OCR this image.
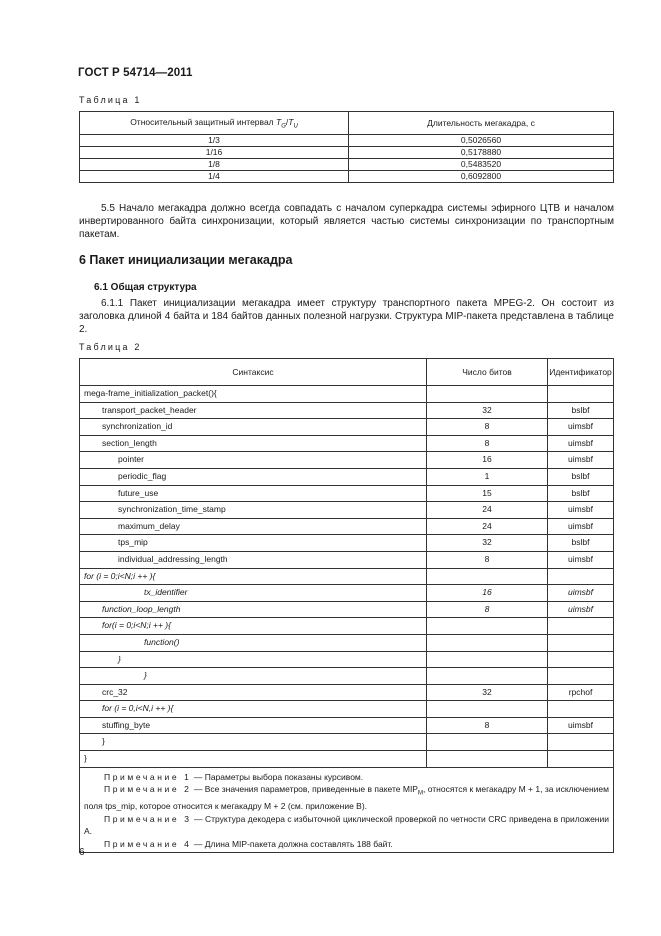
ГОСТ Р 54714—2011
Таблица 1
Относительный защитный интервал $T_G/T_U$	Длительность мегакадра, с
1/3	0,5026560
1/16	0,5178880
1/8	0,5483520
1/4	0,6092800
5.5 Начало мегакадра должно всегда совпадать с началом суперкадра системы эфирного ЦТВ и началом инвертированного байта синхронизации, который является частью системы синхронизации по транспортным пакетам.
6 Пакет инициализации мегакадра
6.1 Общая структура
6.1.1 Пакет инициализации мегакадра имеет структуру транспортного пакета MPEG-2. Он состоит из заголовка длиной 4 байта и 184 байтов данных полезной нагрузки. Структура MIP-пакета представлена в таблице 2.
Таблица 2
Синтаксис	Число битов	Идентификатор
mega-frame_initialization_packet(){		
transport_packet_header	32	bslbf
synchronization_id	8	uimsbf
section_length	8	uimsbf
pointer	16	uimsbf
periodic_flag	1	bslbf
future_use	15	bslbf
synchronization_time_stamp	24	uimsbf
maximum_delay	24	uimsbf
tps_mip	32	bslbf
individual_addressing_length	8	uimsbf
for (i = 0;i<N;i ++ ){		
tx_identifier	16	uimsbf
function_loop_length	8	uimsbf
for(i = 0;i<N;i ++ ){		
function()		
}		
}		
crc_32	32	rpchof
for (i = 0,i<N,i ++ ){		
stuffing_byte	8	uimsbf
}		
}		

Примечание 1 — Параметры выбора показаны курсивом.
Примечание 2 — Все значения параметров, приведенные в пакете $MIP_M$, относятся к мегакадру M + 1, за исключением поля tps_mip, которое относится к мегакадру M + 2 (см. приложение В).
Примечание 3 — Структура декодера с избыточной циклической проверкой по четности CRC приведена в приложении А.
Примечание 4 — Длина MIP-пакета должна составлять 188 байт.		
6
